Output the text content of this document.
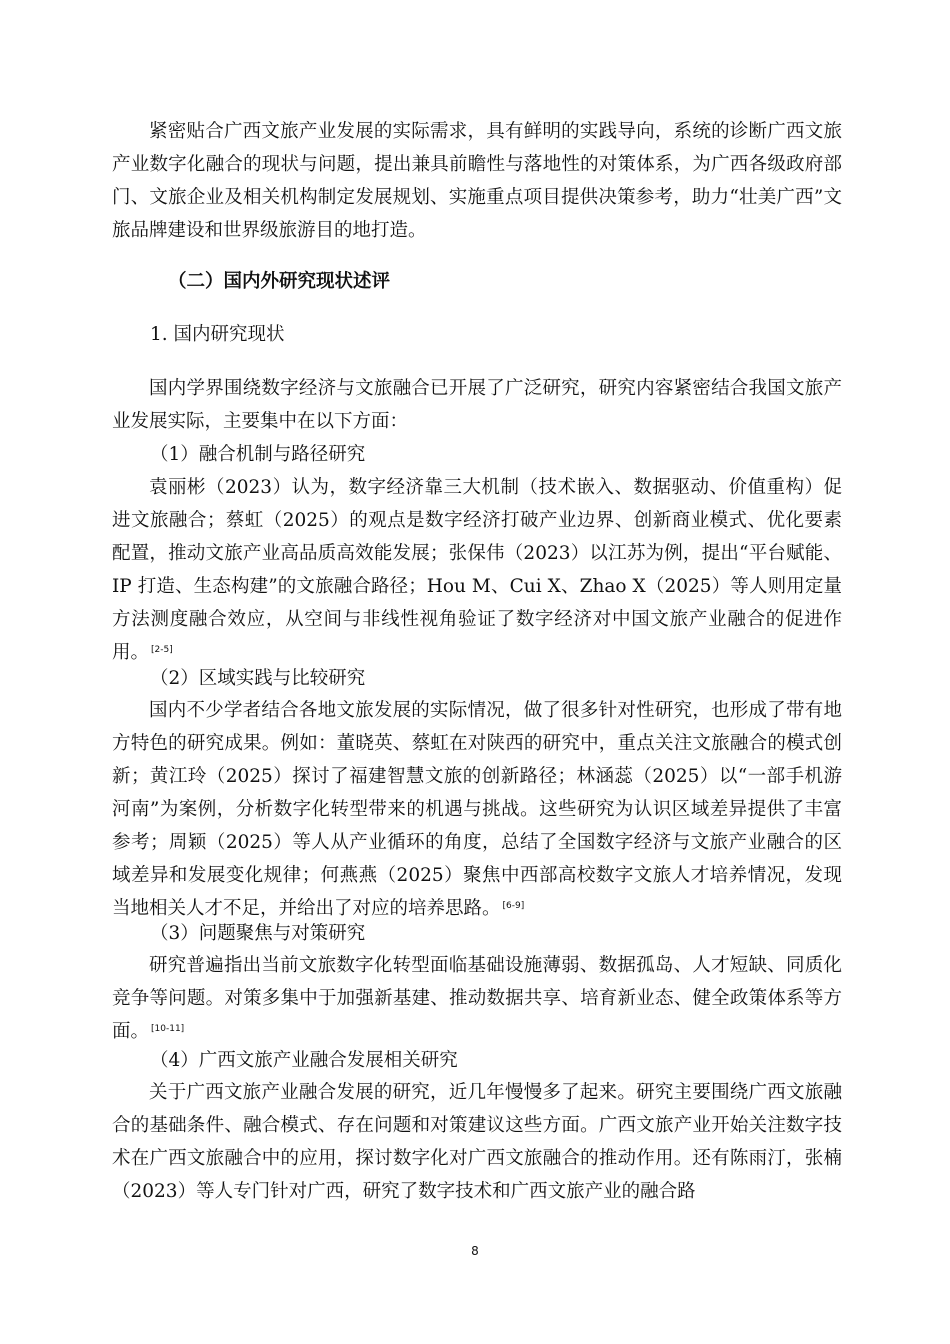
紧密贴合广西文旅产业发展的实际需求，具有鲜明的实践导向，系统的诊断广西文旅产业数字化融合的现状与问题，提出兼具前瞻性与落地性的对策体系，为广西各级政府部门、文旅企业及相关机构制定发展规划、实施重点项目提供决策参考，助力“壮美广西”文旅品牌建设和世界级旅游目的地打造。

（二）国内外研究现状述评

1. 国内研究现状

国内学界围绕数字经济与文旅融合已开展了广泛研究，研究内容紧密结合我国文旅产业发展实际，主要集中在以下方面：

（1）融合机制与路径研究

袁丽彬（2023）认为，数字经济靠三大机制（技术嵌入、数据驱动、价值重构）促进文旅融合；蔡虹（2025）的观点是数字经济打破产业边界、创新商业模式、优化要素配置，推动文旅产业高品质高效能发展；张保伟（2023）以江苏为例，提出“平台赋能、IP 打造、生态构建”的文旅融合路径；Hou M、Cui X、Zhao X（2025）等人则用定量方法测度融合效应，从空间与非线性视角验证了数字经济对中国文旅产业融合的促进作用。 [2-5]

（2）区域实践与比较研究

国内不少学者结合各地文旅发展的实际情况，做了很多针对性研究，也形成了带有地方特色的研究成果。例如：董晓英、蔡虹在对陕西的研究中，重点关注文旅融合的模式创新；黄江玲（2025）探讨了福建智慧文旅的创新路径；林涵蕊（2025）以“一部手机游河南”为案例，分析数字化转型带来的机遇与挑战。这些研究为认识区域差异提供了丰富参考；周颖（2025）等人从产业循环的角度，总结了全国数字经济与文旅产业融合的区域差异和发展变化规律；何燕燕（2025）聚焦中西部高校数字文旅人才培养情况，发现当地相关人才不足，并给出了对应的培养思路。 [6-9]

（3）问题聚焦与对策研究

研究普遍指出当前文旅数字化转型面临基础设施薄弱、数据孤岛、人才短缺、同质化竞争等问题。对策多集中于加强新基建、推动数据共享、培育新业态、健全政策体系等方面。 [10-11]

（4）广西文旅产业融合发展相关研究

关于广西文旅产业融合发展的研究，近几年慢慢多了起来。研究主要围绕广西文旅融合的基础条件、融合模式、存在问题和对策建议这些方面。广西文旅产业开始关注数字技术在广西文旅融合中的应用，探讨数字化对广西文旅融合的推动作用。还有陈雨汀，张楠（2023）等人专门针对广西，研究了数字技术和广西文旅产业的融合路

8
